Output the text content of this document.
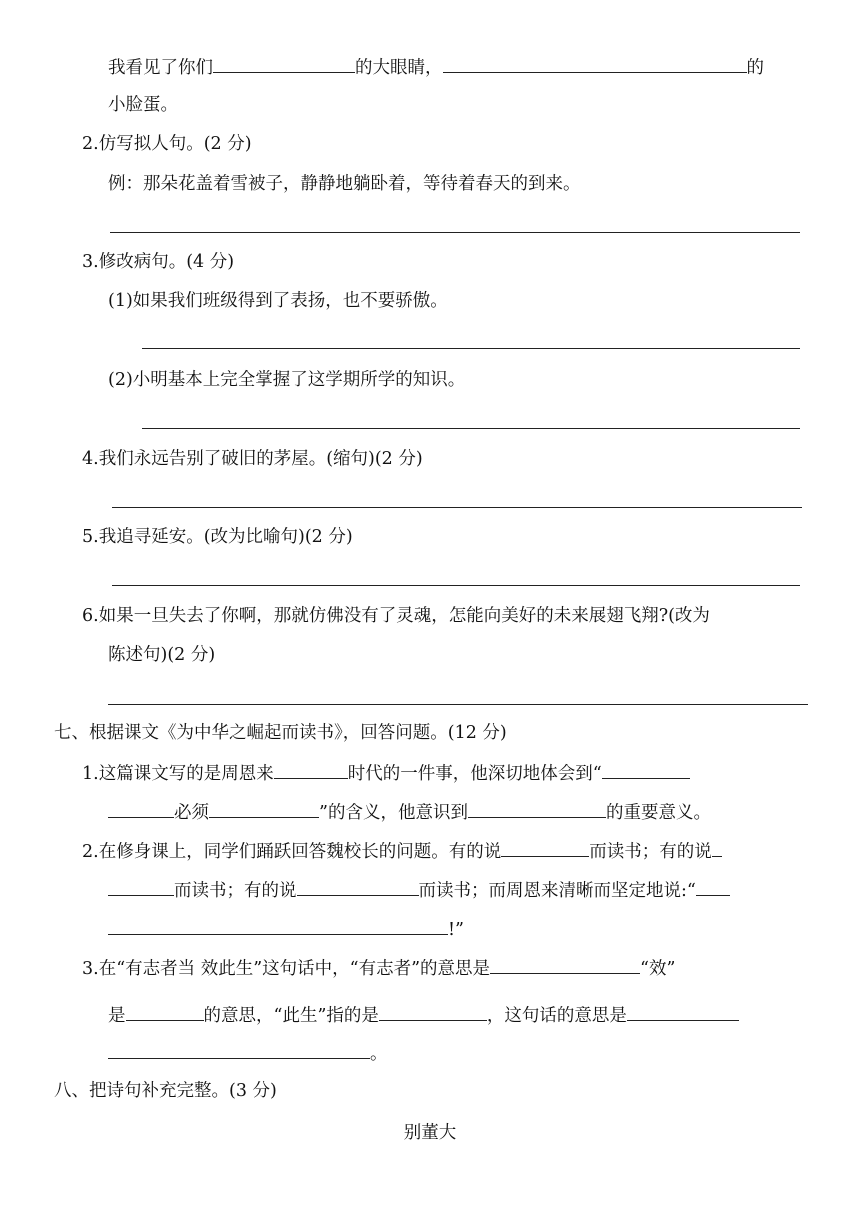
我看见了你们	的大眼睛，	的
小脸蛋。
2.仿写拟人句。(2 分)
例：那朵花盖着雪被子，静静地躺卧着，等待着春天的到来。
3.修改病句。(4 分)
(1)如果我们班级得到了表扬，也不要骄傲。
(2)小明基本上完全掌握了这学期所学的知识。
4.我们永远告别了破旧的茅屋。(缩句)(2 分)
5.我追寻延安。(改为比喻句)(2 分)
6.如果一旦失去了你啊，那就仿佛没有了灵魂，怎能向美好的未来展翅飞翔?(改为
陈述句)(2 分)
七、根据课文《为中华之崛起而读书》，回答问题。(12 分)
1.这篇课文写的是周恩来	时代的一件事，他深切地体会到“
必须	”的含义，他意识到	的重要意义。
2.在修身课上，同学们踊跃回答魏校长的问题。有的说	而读书；有的说
而读书；有的说	而读书；而周恩来清晰而坚定地说:“
!”
3.在“有志者当 效此生”这句话中，“有志者”的意思是	“效”
是	的意思，“此生”指的是	，这句话的意思是
。
八、把诗句补充完整。(3 分)
别董大
